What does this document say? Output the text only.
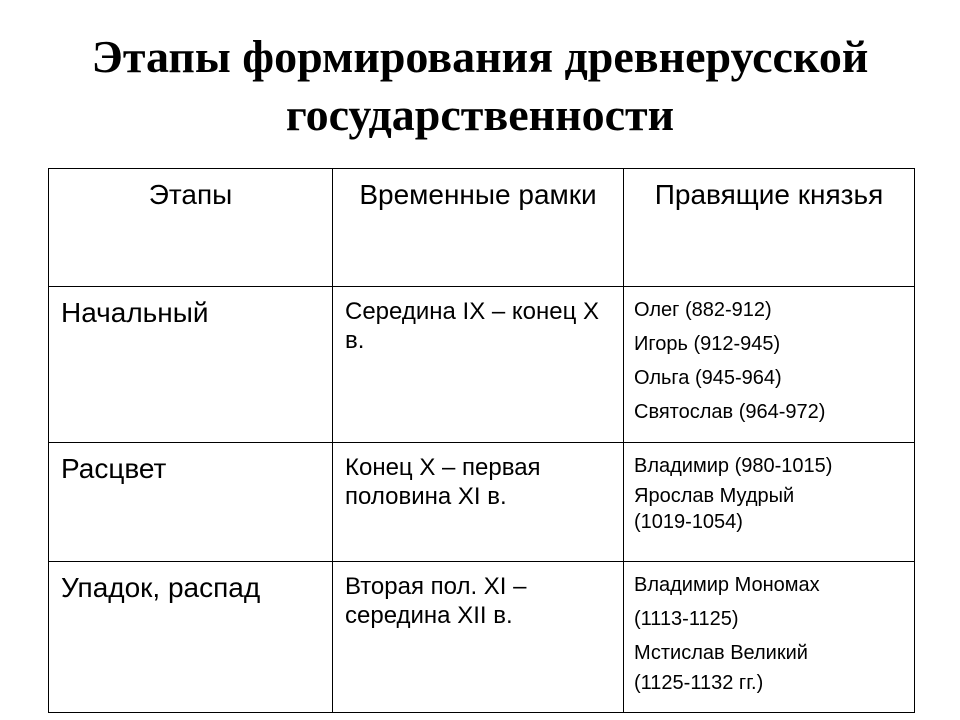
Этапы формирования древнерусской
государственности
Этапы	Временные рамки	Правящие князья
Начальный	Середина IX – конец X в.	Олег (882-912)
Игорь (912-945)
Ольга (945-964)
Святослав (964-972)

Расцвет	Конец X – первая половина XI в.	Владимир (980-1015)
Ярослав Мудрый
(1019-1054)

Упадок, распад	Вторая пол. XI – середина XII в.	Владимир Мономах
(1113-1125)
Мстислав Великий
(1125-1132 гг.)
